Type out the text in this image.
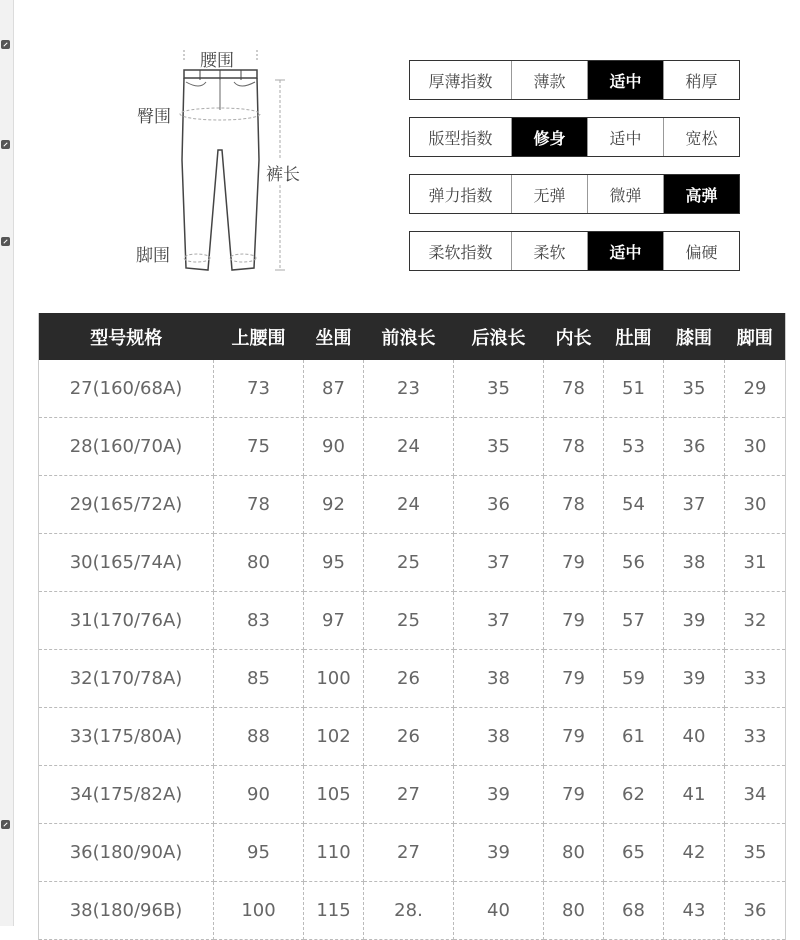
腰围
臀围
裤长
脚围
厚薄指数	薄款	适中	稍厚
版型指数	修身	适中	宽松
弹力指数	无弹	微弹	高弹
柔软指数	柔软	适中	偏硬
型号规格	上腰围	坐围	前浪长	后浪长	内长	肚围	膝围	脚围
27(160/68A)	73	87	23	35	78	51	35	29
28(160/70A)	75	90	24	35	78	53	36	30
29(165/72A)	78	92	24	36	78	54	37	30
30(165/74A)	80	95	25	37	79	56	38	31
31(170/76A)	83	97	25	37	79	57	39	32
32(170/78A)	85	100	26	38	79	59	39	33
33(175/80A)	88	102	26	38	79	61	40	33
34(175/82A)	90	105	27	39	79	62	41	34
36(180/90A)	95	110	27	39	80	65	42	35
38(180/96B)	100	115	28.	40	80	68	43	36
